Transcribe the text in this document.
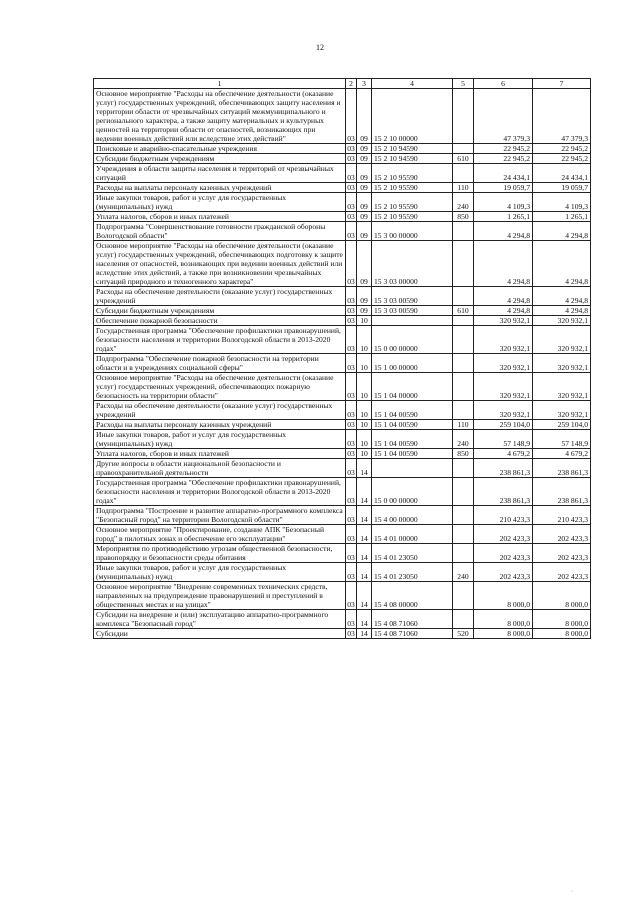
12
1	2	3	4	5	6	7
Основное мероприятие "Расходы на обеспечение деятельности (оказание услуг) государственных учреждений, обеспечивающих защиту населения и территории области от чрезвычайных ситуаций межмуниципального и регионального характера, а также защиту материальных и культурных ценностей на территории области от опасностей, возникающих при ведении военных действий или вследствие этих действий"	03	09	15 2 10 00000		47 379,3	47 379,3
Поисковые и аварийно-спасательные учреждения	03	09	15 2 10 94590		22 945,2	22 945,2
Субсидии бюджетным учреждениям	03	09	15 2 10 94590	610	22 945,2	22 945,2
Учреждения в области защиты населения и территорий от чрезвычайных ситуаций	03	09	15 2 10 95590		24 434,1	24 434,1
Расходы на выплаты персоналу казенных учреждений	03	09	15 2 10 95590	110	19 059,7	19 059,7
Иные закупки товаров, работ и услуг для государственных (муниципальных) нужд	03	09	15 2 10 95590	240	4 109,3	4 109,3
Уплата налогов, сборов и иных платежей	03	09	15 2 10 95590	850	1 265,1	1 265,1
Подпрограмма "Совершенствование готовности гражданской обороны Вологодской области"	03	09	15 3 00 00000		4 294,8	4 294,8
Основное мероприятие "Расходы на обеспечение деятельности (оказание услуг) государственных учреждений, обеспечивающих подготовку к защите населения от опасностей, возникающих при ведении военных действий или вследствие этих действий, а также при возникновении чрезвычайных ситуаций природного и техногенного характера"	03	09	15 3 03 00000		4 294,8	4 294,8
Расходы на обеспечение деятельности (оказание услуг) государственных учреждений	03	09	15 3 03 00590		4 294,8	4 294,8
Субсидии бюджетным учреждениям	03	09	15 3 03 00590	610	4 294,8	4 294,8
Обеспечение пожарной безопасности	03	10			320 932,1	320 932,1
Государственная программа "Обеспечение профилактики правонарушений, безопасности населения и территории Вологодской области в 2013-2020 годах"	03	10	15 0 00 00000		320 932,1	320 932,1
Подпрограмма "Обеспечение пожарной безопасности на территории области и в учреждениях социальной сферы"	03	10	15 1 00 00000		320 932,1	320 932,1
Основное мероприятие "Расходы на обеспечение деятельности (оказание услуг) государственных учреждений, обеспечивающих пожарную безопасность на территории области"	03	10	15 1 04 00000		320 932,1	320 932,1
Расходы на обеспечение деятельности (оказание услуг) государственных учреждений	03	10	15 1 04 00590		320 932,1	320 932,1
Расходы на выплаты персоналу казенных учреждений	03	10	15 1 04 00590	110	259 104,0	259 104,0
Иные закупки товаров, работ и услуг для государственных (муниципальных) нужд	03	10	15 1 04 00590	240	57 148,9	57 148,9
Уплата налогов, сборов и иных платежей	03	10	15 1 04 00590	850	4 679,2	4 679,2
Другие вопросы в области национальной безопасности и правоохранительной деятельности	03	14			238 861,3	238 861,3
Государственная программа "Обеспечение профилактики правонарушений, безопасности населения и территории Вологодской области в 2013-2020 годах"	03	14	15 0 00 00000		238 861,3	238 861,3
Подпрограмма "Построение и развитие аппаратно-программного комплекса "Безопасный город" на территории Вологодской области"	03	14	15 4 00 00000		210 423,3	210 423,3
Основное мероприятие "Проектирование, создание АПК "Безопасный город" в пилотных зонах и обеспечение его эксплуатации"	03	14	15 4 01 00000		202 423,3	202 423,3
Мероприятия по противодействию угрозам общественной безопасности, правопорядку и безопасности среды обитания	03	14	15 4 01 23050		202 423,3	202 423,3
Иные закупки товаров, работ и услуг для государственных (муниципальных) нужд	03	14	15 4 01 23050	240	202 423,3	202 423,3
Основное мероприятие "Внедрение современных технических средств, направленных на предупреждение правонарушений и преступлений в общественных местах и на улицах"	03	14	15 4 08 00000		8 000,0	8 000,0
Субсидии на внедрение и (или) эксплуатацию аппаратно-программного комплекса "Безопасный город"	03	14	15 4 08 71060		8 000,0	8 000,0
Субсидии	03	14	15 4 08 71060	520	8 000,0	8 000,0
·
